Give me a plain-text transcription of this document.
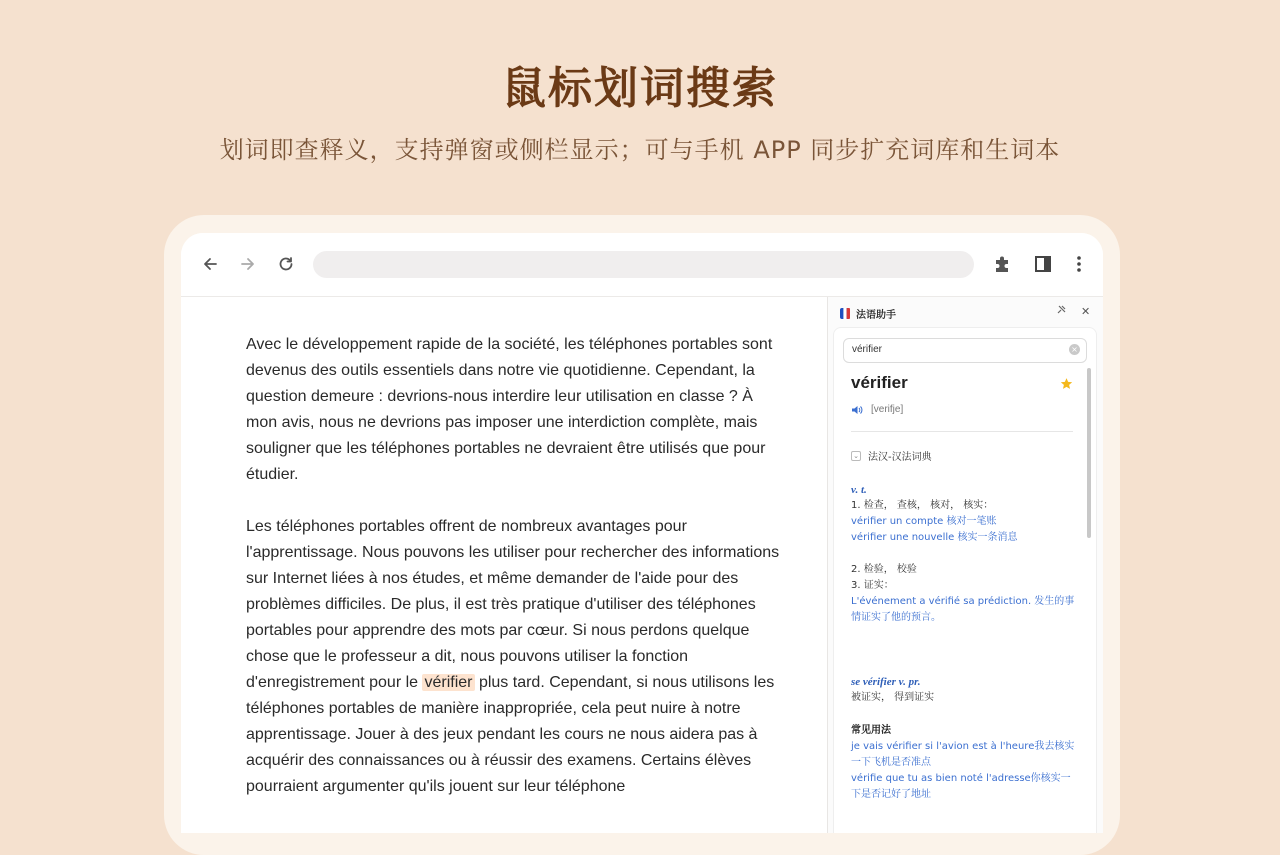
鼠标划词搜索
划词即查释义，支持弹窗或侧栏显示；可与手机 APP 同步扩充词库和生词本
Avec le développement rapide de la société, les téléphones portables sont devenus des outils essentiels dans notre vie quotidienne. Cependant, la question demeure : devrions-nous interdire leur utilisation en classe ? À mon avis, nous ne devrions pas imposer une interdiction complète, mais souligner que les téléphones portables ne devraient être utilisés que pour étudier.
Les téléphones portables offrent de nombreux avantages pour l'apprentissage. Nous pouvons les utiliser pour rechercher des informations sur Internet liées à nos études, et même demander de l'aide pour des problèmes difficiles. De plus, il est très pratique d'utiliser des téléphones portables pour apprendre des mots par cœur. Si nous perdons quelque chose que le professeur a dit, nous pouvons utiliser la fonction d'enregistrement pour le vérifier plus tard. Cependant, si nous utilisons les téléphones portables de manière inappropriée, cela peut nuire à notre apprentissage. Jouer à des jeux pendant les cours ne nous aidera pas à acquérir des connaissances ou à réussir des examens. Certains élèves pourraient argumenter qu'ils jouent sur leur téléphone
法语助手	✕
vérifier	×
vérifier
[verifje]
⌄ 法汉-汉法词典
v. t.
1. 检查， 查核， 核对， 核实：
vérifier un compte 核对一笔账
vérifier une nouvelle 核实一条消息
2. 检验， 校验
3. 证实：
L'événement a vérifié sa prédiction. 发生的事
情证实了他的预言。
se vérifier v. pr.
被证实， 得到证实
常见用法
je vais vérifier si l'avion est à l'heure我去核实
一下飞机是否准点
vérifie que tu as bien noté l'adresse你核实一
下是否记好了地址
